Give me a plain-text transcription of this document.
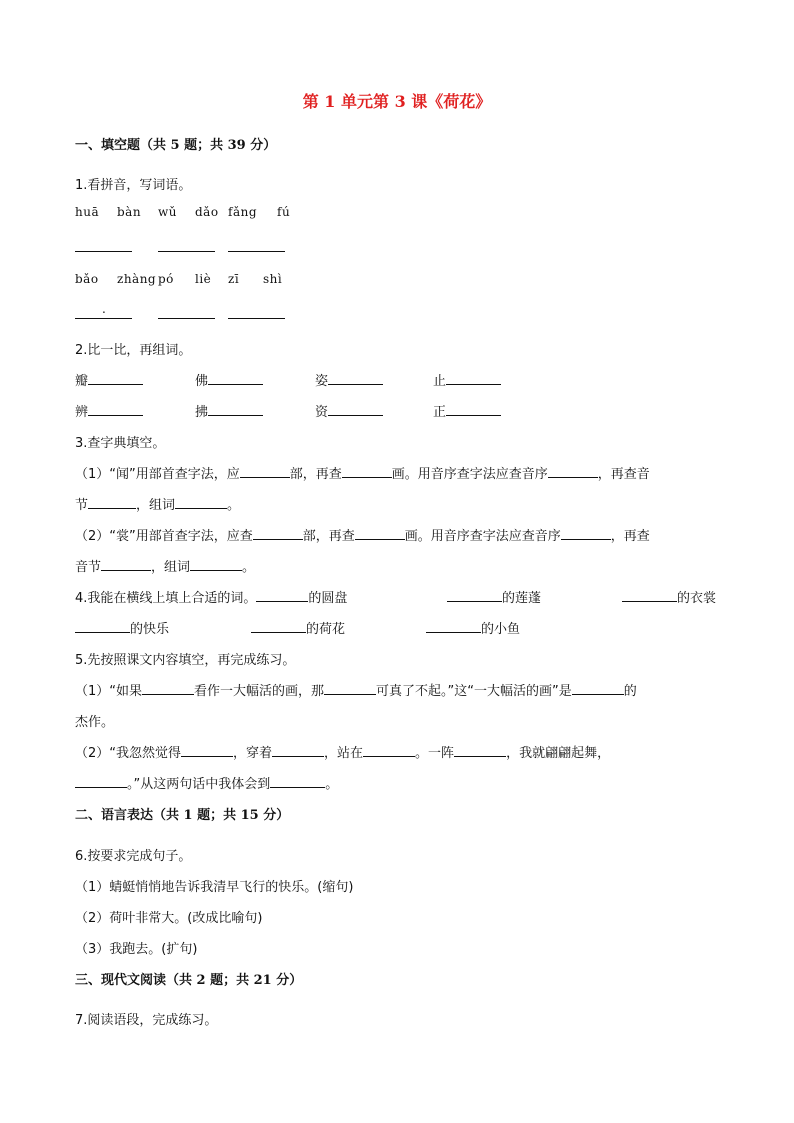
第 1 单元第 3 课《荷花》
一、填空题（共 5 题；共 39 分）
1.看拼音，写词语。
huā bàn wǔ dǎo fǎng fú
bǎo zhàng pó liè zī shì
.
2.比一比，再组词。
瓣	佛	姿	止
辨	拂	资	正
3.查字典填空。
（1）“闻”用部首查字法，应	部，再查	画。用音序查字法应查音序	，再查音
节	，组词	。
（2）“裳”用部首查字法，应查	部，再查	画。用音序查字法应查音序	，再查
音节	，组词	。
4.我能在横线上填上合适的词。	的圆盘	的莲蓬	的衣裳
的快乐	的荷花	的小鱼
5.先按照课文内容填空，再完成练习。
（1）“如果	看作一大幅活的画，那	可真了不起。”这“一大幅活的画”是	的
杰作。
（2）“我忽然觉得	，穿着	，站在	。一阵	，我就翩翩起舞，
。”从这两句话中我体会到	。
二、语言表达（共 1 题；共 15 分）
6.按要求完成句子。
（1）蜻蜓悄悄地告诉我清早飞行的快乐。(缩句)
（2）荷叶非常大。(改成比喻句)
（3）我跑去。(扩句)
三、现代文阅读（共 2 题；共 21 分）
7.阅读语段，完成练习。
